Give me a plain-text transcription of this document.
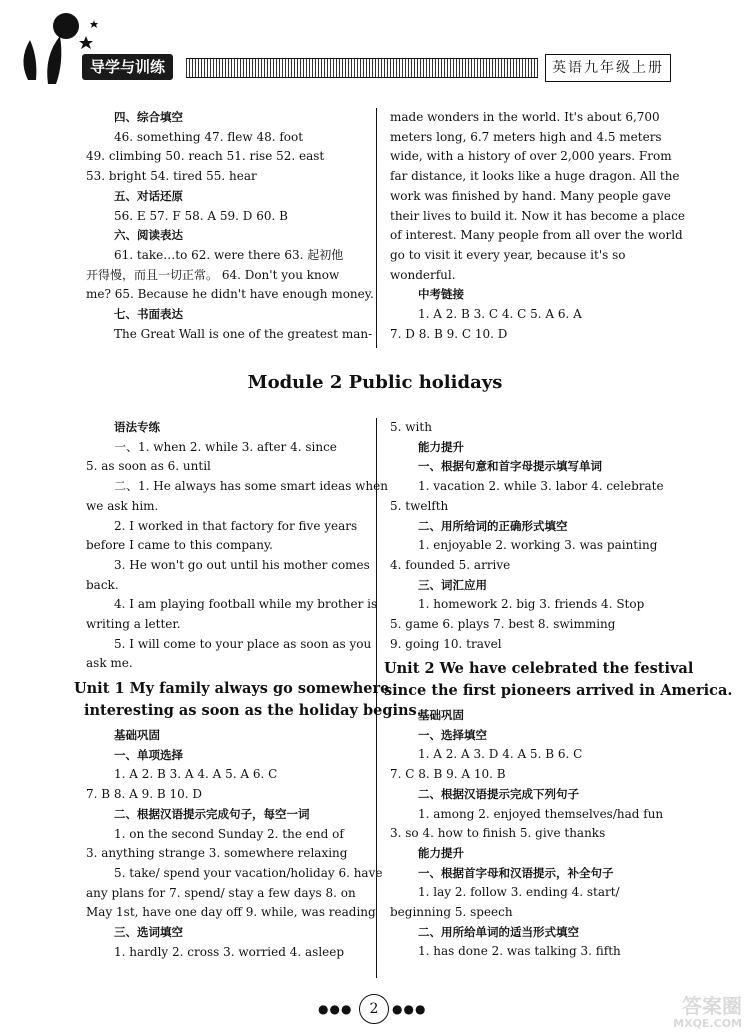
导学与训练	英语九年级上册

四、综合填空

46. something 47. flew 48. foot

49. climbing 50. reach 51. rise 52. east

53. bright 54. tired 55. hear

五、对话还原

56. E 57. F 58. A 59. D 60. B

六、阅读表达

61. take…to 62. were there 63. 起初他

开得慢，而且一切正常。 64. Don't you know

me? 65. Because he didn't have enough money.

七、书面表达

The Great Wall is one of the greatest man-

made wonders in the world. It's about 6,700

meters long, 6.7 meters high and 4.5 meters

wide, with a history of over 2,000 years. From

far distance, it looks like a huge dragon. All the

work was finished by hand. Many people gave

their lives to build it. Now it has become a place

of interest. Many people from all over the world

go to visit it every year, because it's so

wonderful.

中考链接

1. A 2. B 3. C 4. C 5. A 6. A

7. D 8. B 9. C 10. D

Module 2 Public holidays

语法专练

一、1. when 2. while 3. after 4. since

5. as soon as 6. until

二、1. He always has some smart ideas when

we ask him.

2. I worked in that factory for five years

before I came to this company.

3. He won't go out until his mother comes

back.

4. I am playing football while my brother is

writing a letter.

5. I will come to your place as soon as you

ask me.

Unit 1 My family always go somewhere

interesting as soon as the holiday begins.

基础巩固

一、单项选择

1. A 2. B 3. A 4. A 5. A 6. C

7. B 8. A 9. B 10. D

二、根据汉语提示完成句子，每空一词

1. on the second Sunday 2. the end of

3. anything strange 3. somewhere relaxing

5. take/ spend your vacation/holiday 6. have

any plans for 7. spend/ stay a few days 8. on

May 1st, have one day off 9. while, was reading

三、选词填空

1. hardly 2. cross 3. worried 4. asleep

5. with

能力提升

一、根据句意和首字母提示填写单词

1. vacation 2. while 3. labor 4. celebrate

5. twelfth

二、用所给词的正确形式填空

1. enjoyable 2. working 3. was painting

4. founded 5. arrive

三、词汇应用

1. homework 2. big 3. friends 4. Stop

5. game 6. plays 7. best 8. swimming

9. going 10. travel

Unit 2 We have celebrated the festival

since the first pioneers arrived in America.

基础巩固

一、选择填空

1. A 2. A 3. D 4. A 5. B 6. C

7. C 8. B 9. A 10. B

二、根据汉语提示完成下列句子

1. among 2. enjoyed themselves/had fun

3. so 4. how to finish 5. give thanks

能力提升

一、根据首字母和汉语提示，补全句子

1. lay 2. follow 3. ending 4. start/

beginning 5. speech

二、用所给单词的适当形式填空

1. has done 2. was talking 3. fifth

●●●	2	●●●	答案圈
MXQE.COM
